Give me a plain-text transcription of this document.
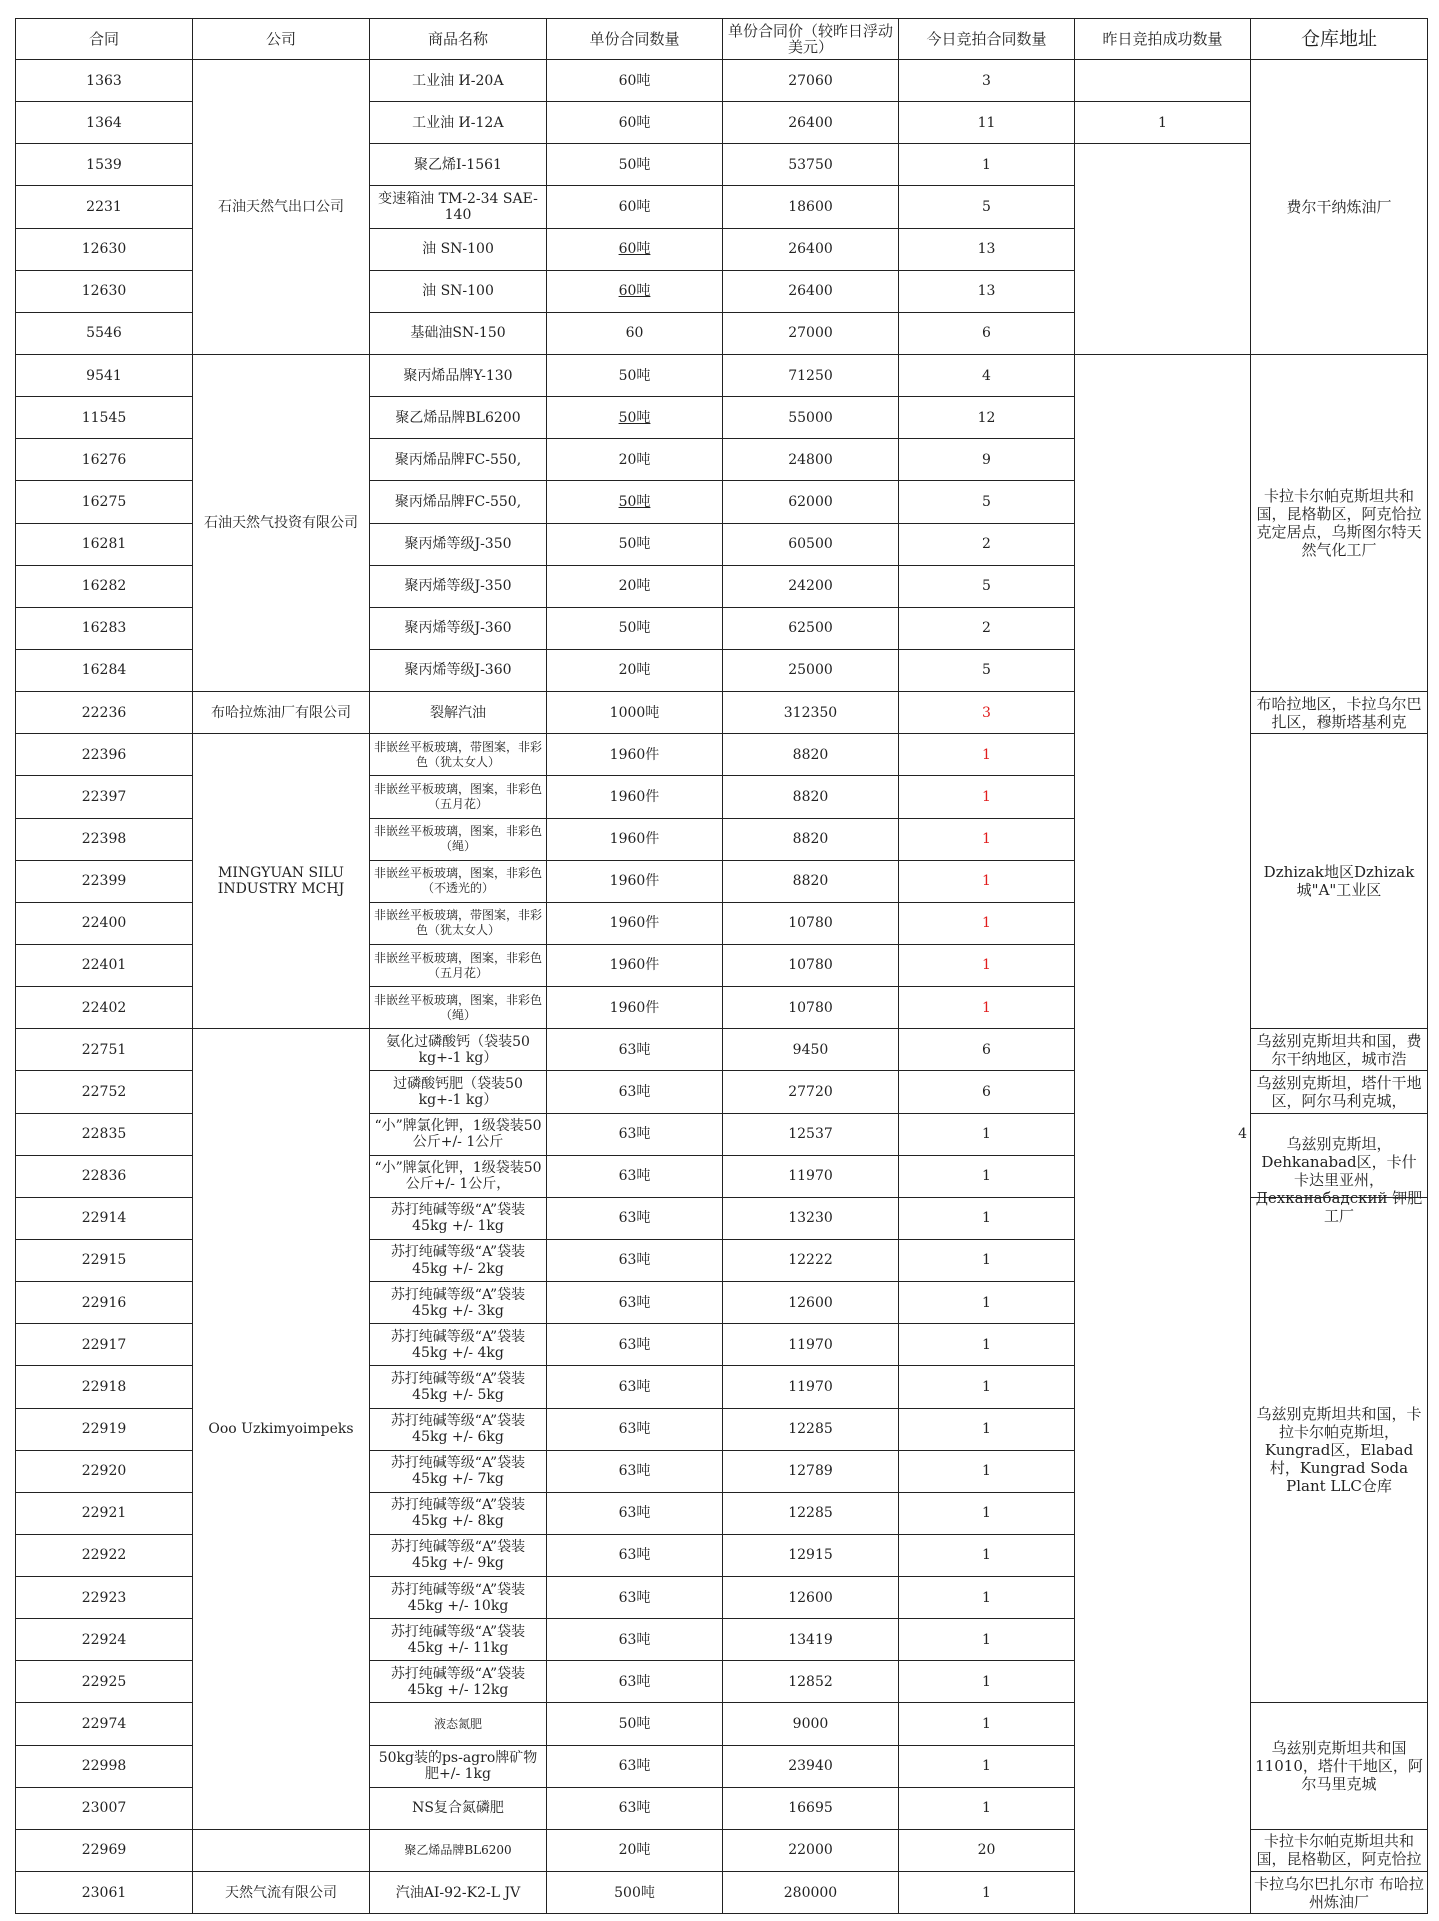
合同	公司	商品名称	单份合同数量	单份合同价（较昨日浮动美元）	今日竞拍合同数量	昨日竞拍成功数量	仓库地址
1363	石油天然气出口公司	工业油 И-20А	60吨	27060	3		费尔干纳炼油厂

1364		工业油 И-12А	60吨	26400	11	1	
1539		聚乙烯I-1561	50吨	53750	1		
2231		变速箱油 TM-2-34 SAE-140	60吨	18600	5		
12630		油 SN-100	60吨	26400	13		
12630		油 SN-100	60吨	26400	13		
5546		基础油SN-150	60	27000	6		
9541	石油天然气投资有限公司	聚丙烯品牌Y-130	50吨	71250	4	4	卡拉卡尔帕克斯坦共和国，昆格勒区，阿克恰拉克定居点，乌斯图尔特天然气化工厂

11545		聚乙烯品牌BL6200	50吨	55000	12		
16276		聚丙烯品牌FC-550,	20吨	24800	9		
16275		聚丙烯品牌FC-550,	50吨	62000	5		
16281		聚丙烯等级J-350	50吨	60500	2		
16282		聚丙烯等级J-350	20吨	24200	5		
16283		聚丙烯等级J-360	50吨	62500	2		
16284		聚丙烯等级J-360	20吨	25000	5		
22236	布哈拉炼油厂有限公司	裂解汽油	1000吨	312350	3		布哈拉地区，卡拉乌尔巴扎区，穆斯塔基利克

22396	MINGYUAN SILU INDUSTRY MCHJ	非嵌丝平板玻璃，带图案，非彩色（犹太女人）	1960件	8820	1		Dzhizak地区Dzhizak城"A"工业区

22397		非嵌丝平板玻璃，图案，非彩色（五月花）	1960件	8820	1		
22398		非嵌丝平板玻璃，图案，非彩色（绳）	1960件	8820	1		
22399		非嵌丝平板玻璃，图案，非彩色（不透光的）	1960件	8820	1		
22400		非嵌丝平板玻璃，带图案，非彩色（犹太女人）	1960件	10780	1		
22401		非嵌丝平板玻璃，图案，非彩色（五月花）	1960件	10780	1		
22402		非嵌丝平板玻璃，图案，非彩色（绳）	1960件	10780	1		
22751	Ooo Uzkimyoimpeks	氨化过磷酸钙（袋装50 kg+-1 kg）	63吨	9450	6		乌兹别克斯坦共和国，费尔干纳地区，城市浩

22752		过磷酸钙肥（袋装50 kg+-1 kg）	63吨	27720	6		乌兹别克斯坦，塔什干地区，阿尔马利克城，

22835		“小”牌氯化钾，1级袋装50公斤+/- 1公斤	63吨	12537	1		乌兹别克斯坦，Dehkanabad区，卡什卡达里亚州，Дехканабадский 钾肥工厂

22836		“小”牌氯化钾，1级袋装50公斤+/- 1公斤，	63吨	11970	1		
22914		苏打纯碱等级“A”袋装 45kg +/- 1kg	63吨	13230	1		乌兹别克斯坦共和国，卡拉卡尔帕克斯坦，Kungrad区，Elabad村，Kungrad Soda Plant LLC仓库

22915		苏打纯碱等级“A”袋装 45kg +/- 2kg	63吨	12222	1		
22916		苏打纯碱等级“A”袋装 45kg +/- 3kg	63吨	12600	1		
22917		苏打纯碱等级“A”袋装 45kg +/- 4kg	63吨	11970	1		
22918		苏打纯碱等级“A”袋装 45kg +/- 5kg	63吨	11970	1		
22919		苏打纯碱等级“A”袋装 45kg +/- 6kg	63吨	12285	1		
22920		苏打纯碱等级“A”袋装 45kg +/- 7kg	63吨	12789	1		
22921		苏打纯碱等级“A”袋装 45kg +/- 8kg	63吨	12285	1		
22922		苏打纯碱等级“A”袋装 45kg +/- 9kg	63吨	12915	1		
22923		苏打纯碱等级“A”袋装 45kg +/- 10kg	63吨	12600	1		
22924		苏打纯碱等级“A”袋装 45kg +/- 11kg	63吨	13419	1		
22925		苏打纯碱等级“A”袋装 45kg +/- 12kg	63吨	12852	1		
22974		液态氮肥	50吨	9000	1		乌兹别克斯坦共和国11010，塔什干地区，阿尔马里克城

22998		50kg装的ps-agro牌矿物肥+/- 1kg	63吨	23940	1		
23007		NS复合氮磷肥	63吨	16695	1		
22969		聚乙烯品牌BL6200	20吨	22000	20		卡拉卡尔帕克斯坦共和国，昆格勒区，阿克恰拉

23061	天然气流有限公司	汽油AI-92-K2-L JV	500吨	280000	1		卡拉乌尔巴扎尔市 布哈拉州炼油厂
